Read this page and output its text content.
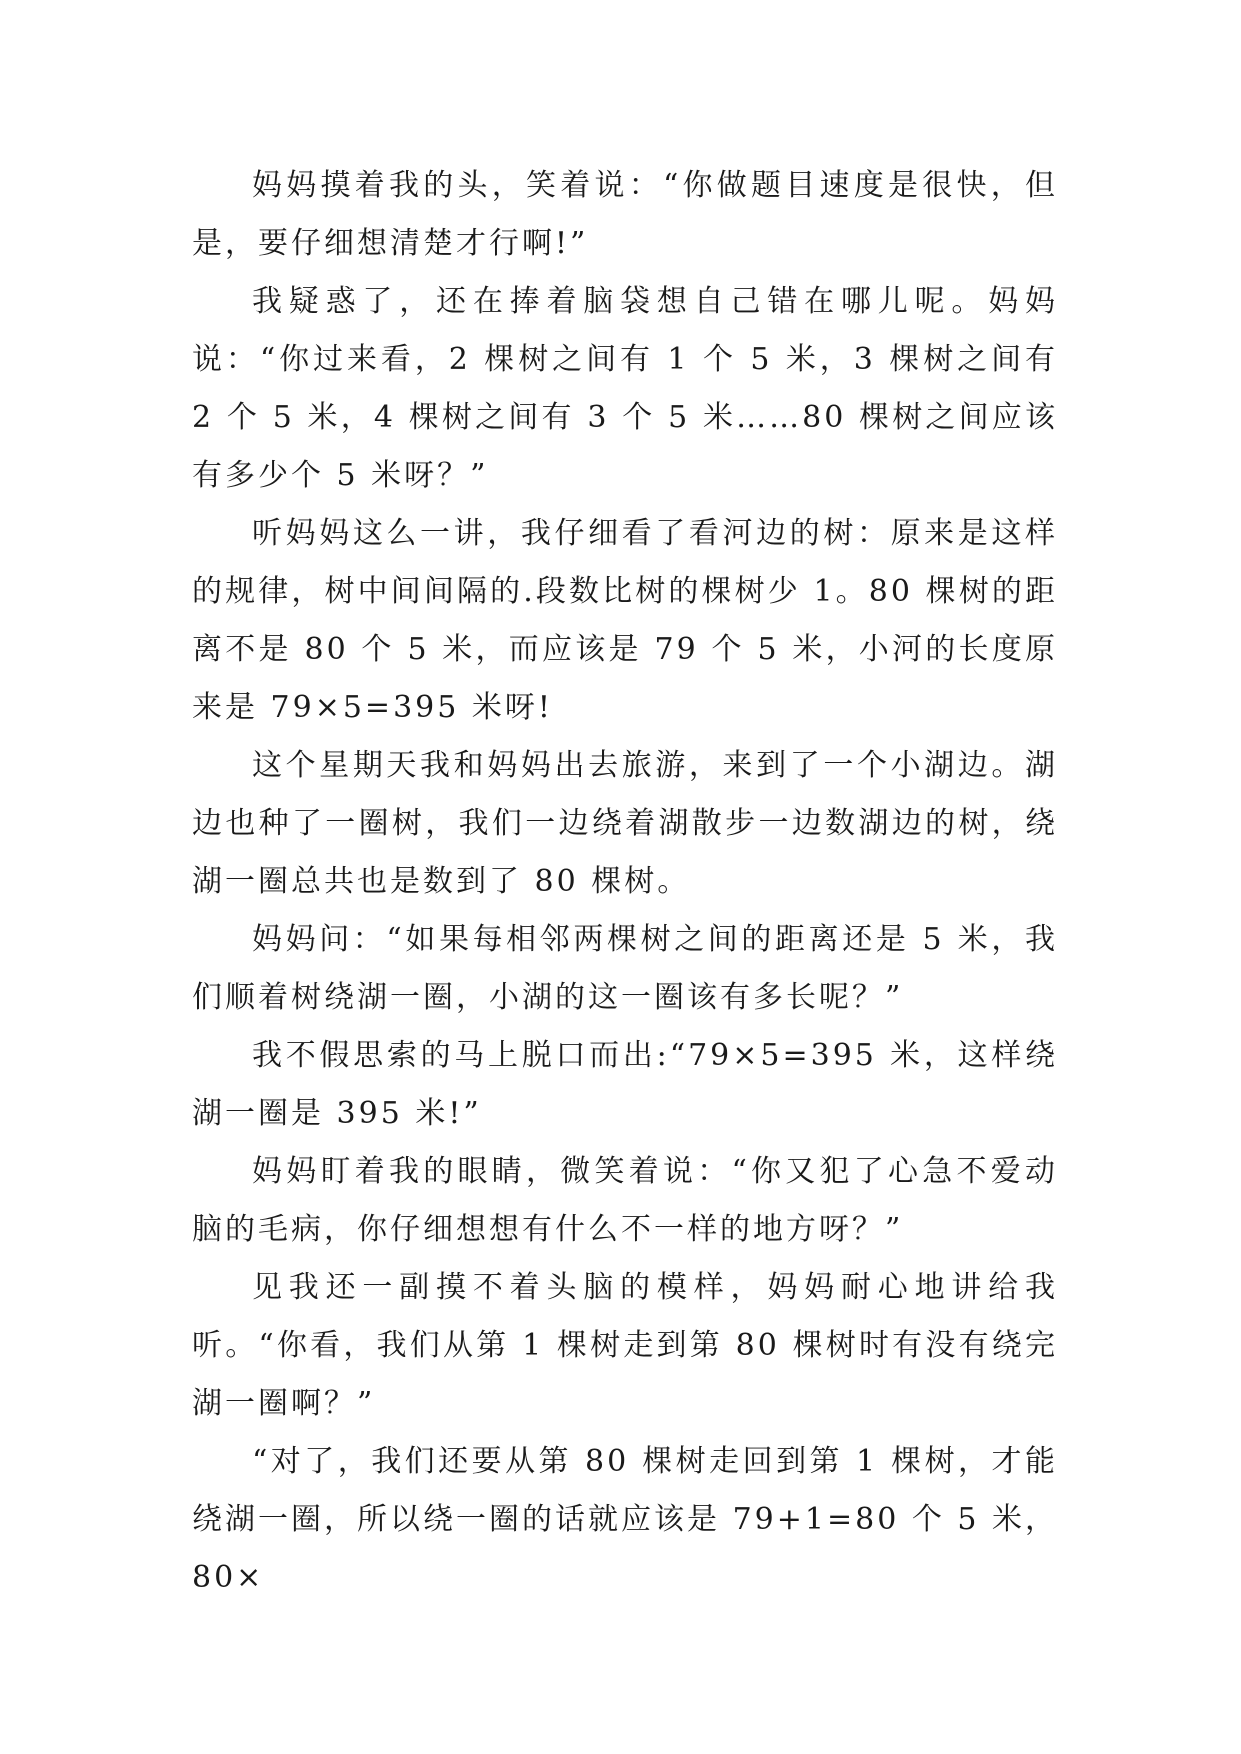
妈妈摸着我的头，笑着说：“你做题目速度是很快，但是，要仔细想清楚才行啊!”

我疑惑了，还在捧着脑袋想自己错在哪儿呢。妈妈说：“你过来看，2 棵树之间有 1 个 5 米，3 棵树之间有 2 个 5 米，4 棵树之间有 3 个 5 米……80 棵树之间应该有多少个 5 米呀？”

听妈妈这么一讲，我仔细看了看河边的树：原来是这样的规律，树中间间隔的.段数比树的棵树少 1。80 棵树的距离不是 80 个 5 米，而应该是 79 个 5 米，小河的长度原来是 79×5=395 米呀!

这个星期天我和妈妈出去旅游，来到了一个小湖边。湖边也种了一圈树，我们一边绕着湖散步一边数湖边的树，绕湖一圈总共也是数到了 80 棵树。

妈妈问：“如果每相邻两棵树之间的距离还是 5 米，我们顺着树绕湖一圈，小湖的这一圈该有多长呢？”

我不假思索的马上脱口而出:“79×5=395 米，这样绕湖一圈是 395 米!”

妈妈盯着我的眼睛，微笑着说：“你又犯了心急不爱动脑的毛病，你仔细想想有什么不一样的地方呀？”

见我还一副摸不着头脑的模样，妈妈耐心地讲给我听。“你看，我们从第 1 棵树走到第 80 棵树时有没有绕完湖一圈啊？”

“对了，我们还要从第 80 棵树走回到第 1 棵树，才能绕湖一圈，所以绕一圈的话就应该是 79+1=80 个 5 米，80×
